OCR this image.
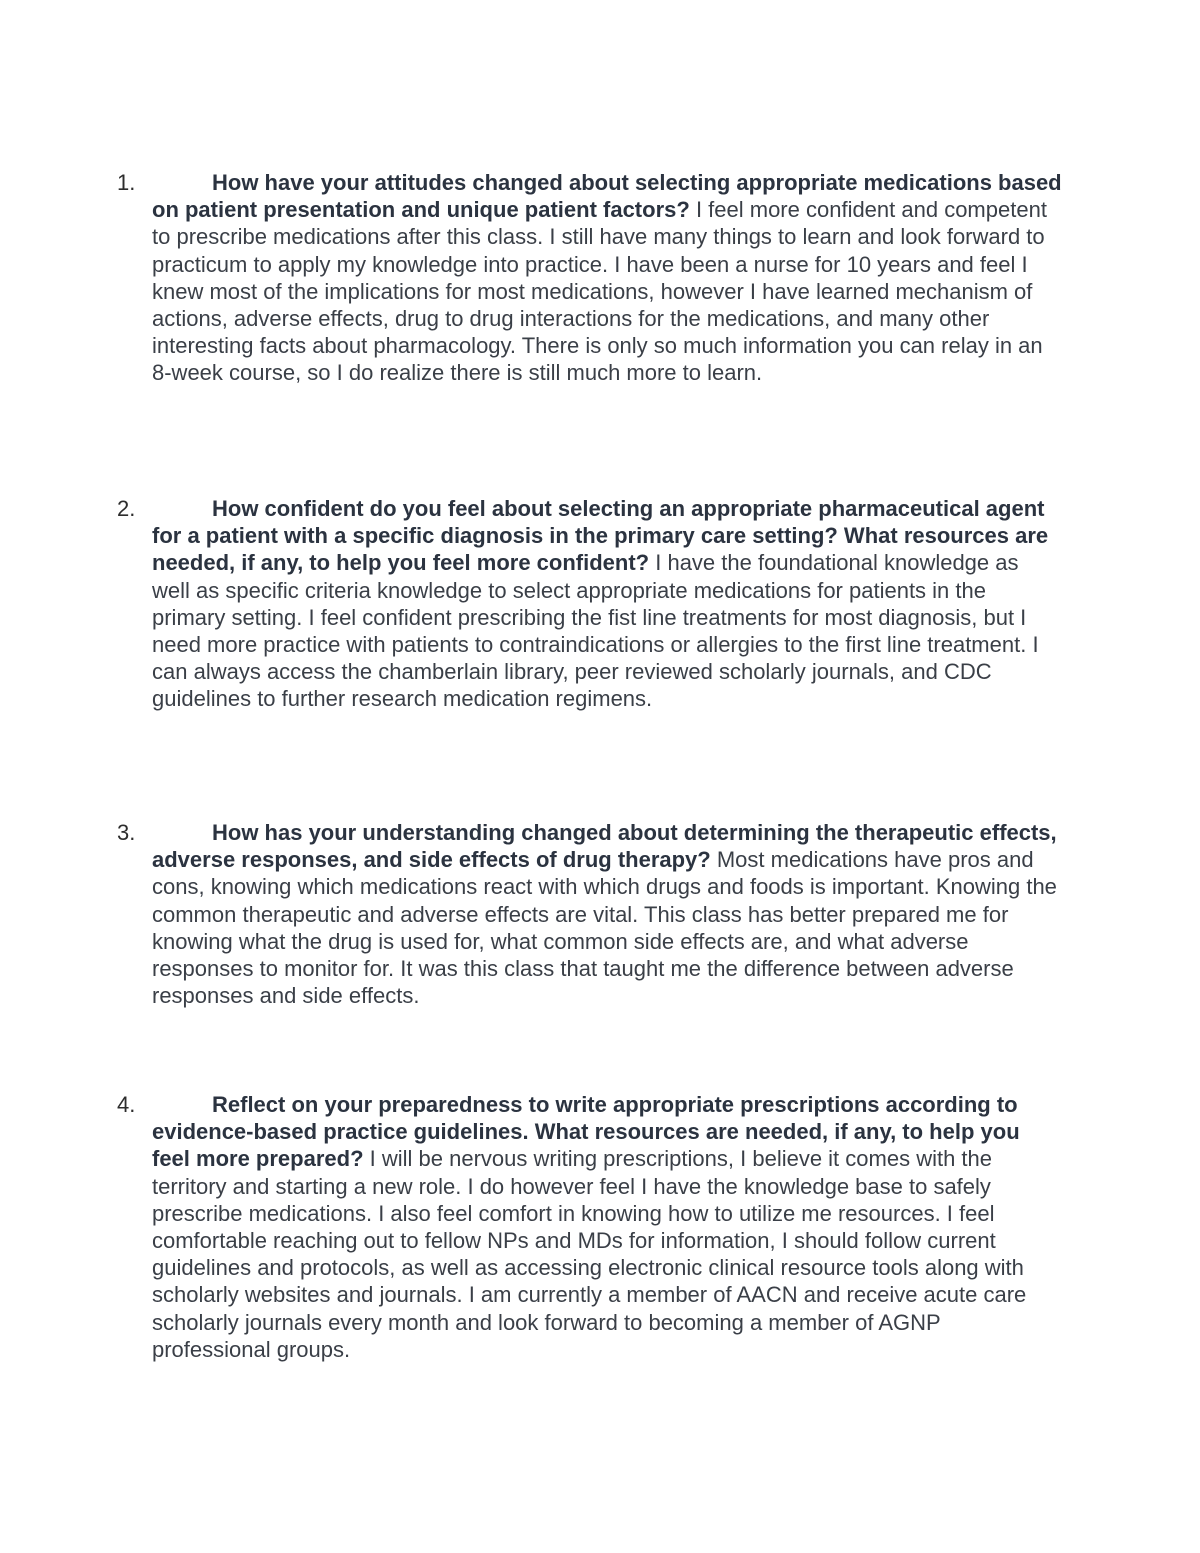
1.	How have your attitudes changed about selecting appropriate medications based on patient presentation and unique patient factors? I feel more confident and competent to prescribe medications after this class. I still have many things to learn and look forward to practicum to apply my knowledge into practice. I have been a nurse for 10 years and feel I knew most of the implications for most medications, however I have learned mechanism of actions, adverse effects, drug to drug interactions for the medications, and many other interesting facts about pharmacology. There is only so much information you can relay in an 8-week course, so I do realize there is still much more to learn.
2.	How confident do you feel about selecting an appropriate pharmaceutical agent for a patient with a specific diagnosis in the primary care setting? What resources are needed, if any, to help you feel more confident? I have the foundational knowledge as well as specific criteria knowledge to select appropriate medications for patients in the primary setting. I feel confident prescribing the fist line treatments for most diagnosis, but I need more practice with patients to contraindications or allergies to the first line treatment. I can always access the chamberlain library, peer reviewed scholarly journals, and CDC guidelines to further research medication regimens.
3.	How has your understanding changed about determining the therapeutic effects, adverse responses, and side effects of drug therapy? Most medications have pros and cons, knowing which medications react with which drugs and foods is important. Knowing the common therapeutic and adverse effects are vital. This class has better prepared me for knowing what the drug is used for, what common side effects are, and what adverse responses to monitor for. It was this class that taught me the difference between adverse responses and side effects.
4.	Reflect on your preparedness to write appropriate prescriptions according to evidence-based practice guidelines. What resources are needed, if any, to help you feel more prepared? I will be nervous writing prescriptions, I believe it comes with the territory and starting a new role. I do however feel I have the knowledge base to safely prescribe medications. I also feel comfort in knowing how to utilize me resources. I feel comfortable reaching out to fellow NPs and MDs for information, I should follow current guidelines and protocols, as well as accessing electronic clinical resource tools along with scholarly websites and journals. I am currently a member of AACN and receive acute care scholarly journals every month and look forward to becoming a member of AGNP professional groups.
